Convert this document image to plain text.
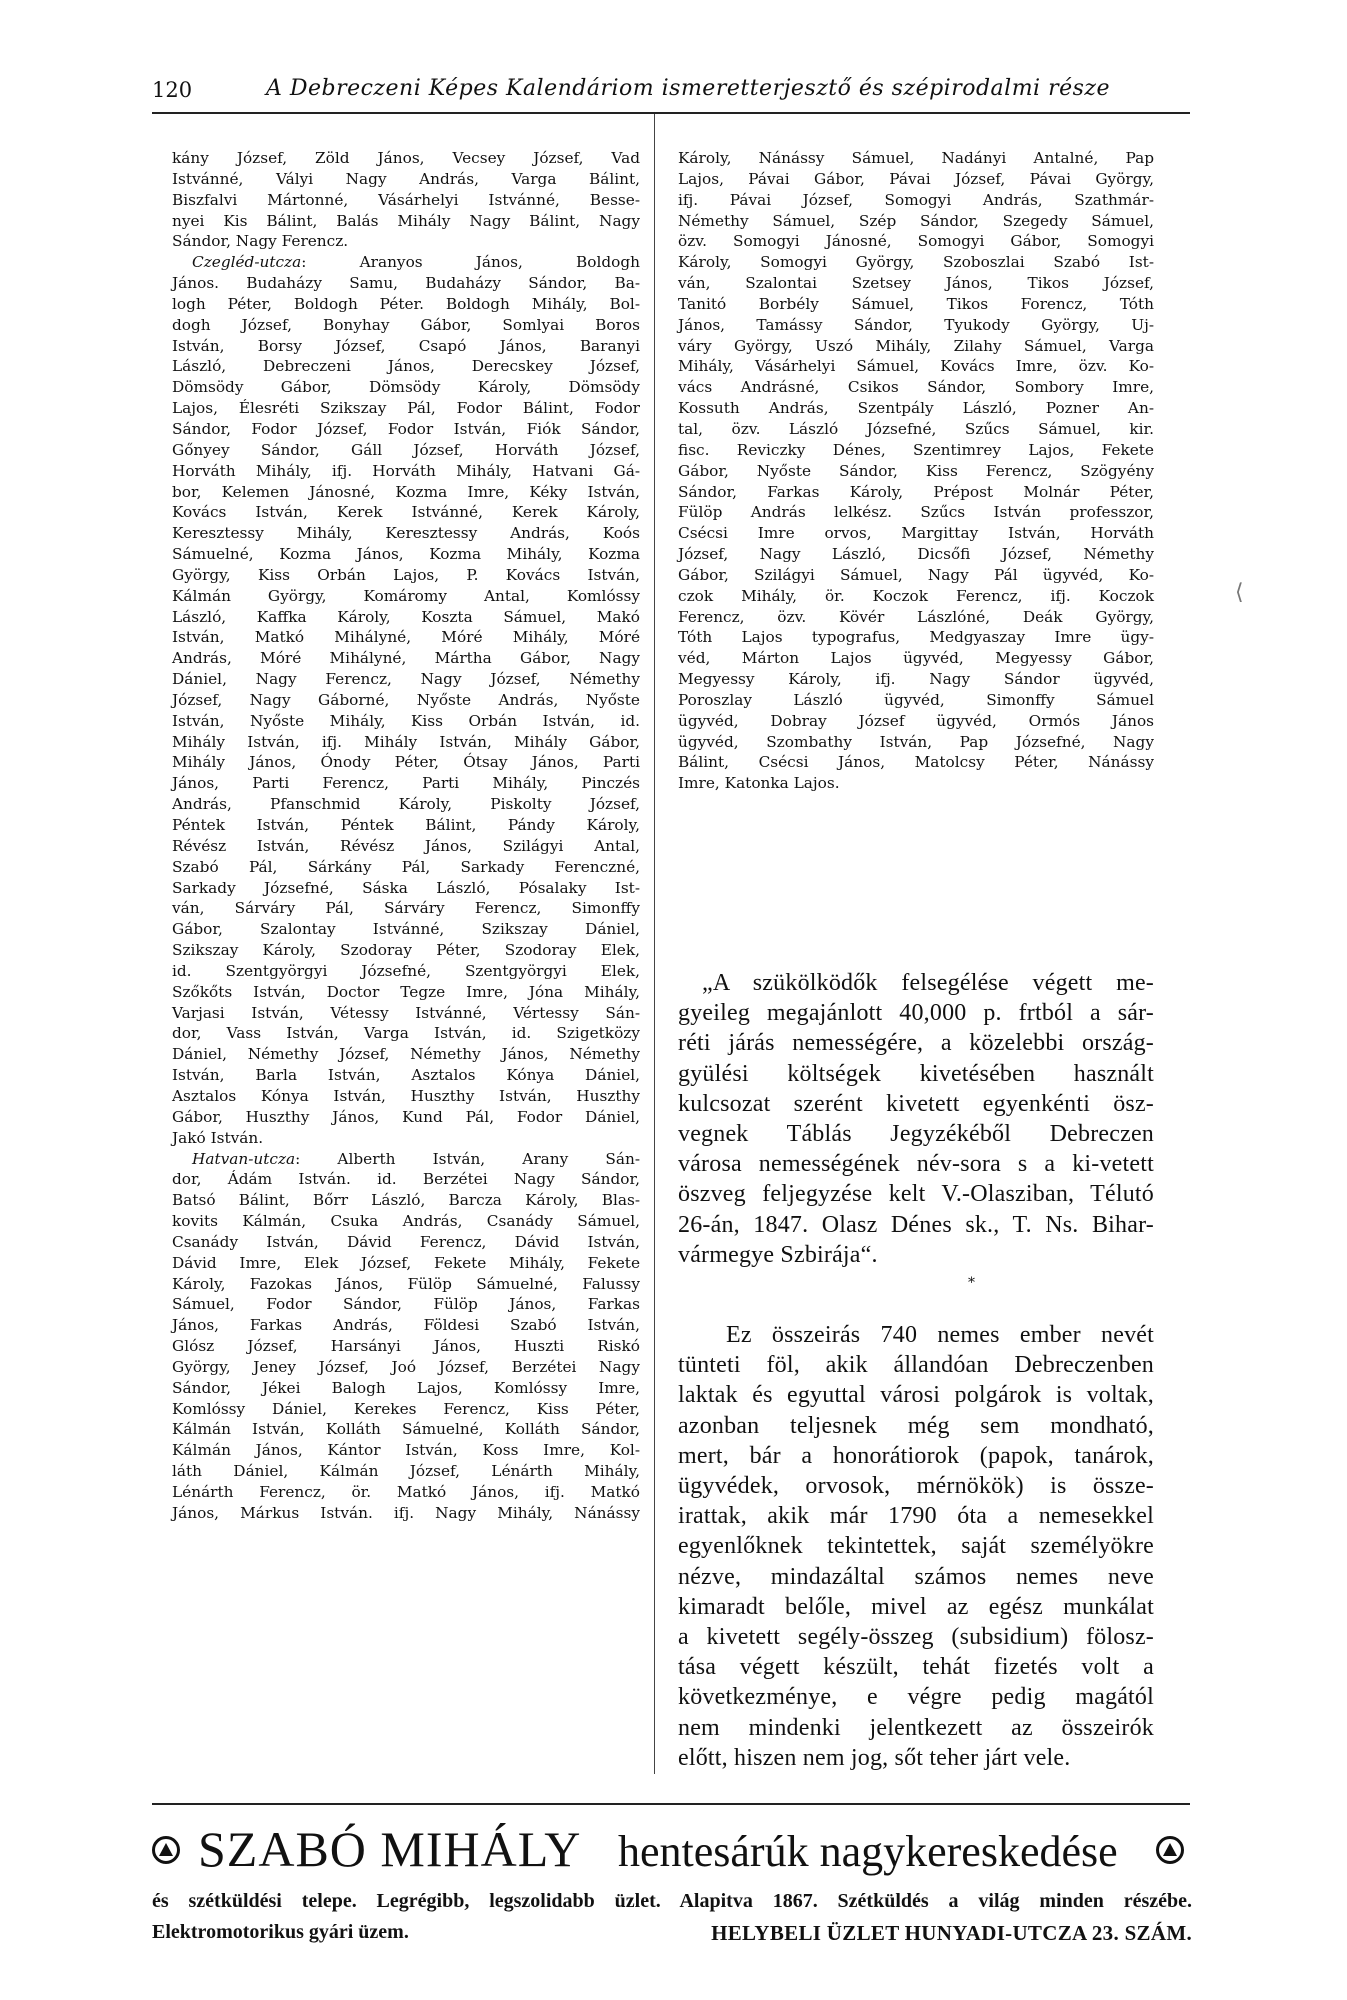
120	A Debreczeni Képes Kalendáriom ismeretterjesztő és szépirodalmi része
kány József, Zöld János, Vecsey József, Vad
Istvánné, Vályi Nagy András, Varga Bálint,
Biszfalvi Mártonné, Vásárhelyi Istvánné, Besse-
nyei Kis Bálint, Balás Mihály Nagy Bálint, Nagy
Sándor, Nagy Ferencz.
Czegléd-utcza: Aranyos János, Boldogh
János. Budaházy Samu, Budaházy Sándor, Ba-
logh Péter, Boldogh Péter. Boldogh Mihály, Bol-
dogh József, Bonyhay Gábor, Somlyai Boros
István, Borsy József, Csapó János, Baranyi
László, Debreczeni János, Derecskey József,
Dömsödy Gábor, Dömsödy Károly, Dömsödy
Lajos, Élesréti Szikszay Pál, Fodor Bálint, Fodor
Sándor, Fodor József, Fodor István, Fiók Sándor,
Gőnyey Sándor, Gáll József, Horváth József,
Horváth Mihály, ifj. Horváth Mihály, Hatvani Gá-
bor, Kelemen Jánosné, Kozma Imre, Kéky István,
Kovács István, Kerek Istvánné, Kerek Károly,
Keresztessy Mihály, Keresztessy András, Koós
Sámuelné, Kozma János, Kozma Mihály, Kozma
György, Kiss Orbán Lajos, P. Kovács István,
Kálmán György, Komáromy Antal, Komlóssy
László, Kaffka Károly, Koszta Sámuel, Makó
István, Matkó Mihályné, Móré Mihály, Móré
András, Móré Mihályné, Mártha Gábor, Nagy
Dániel, Nagy Ferencz, Nagy József, Némethy
József, Nagy Gáborné, Nyőste András, Nyőste
István, Nyőste Mihály, Kiss Orbán István, id.
Mihály István, ifj. Mihály István, Mihály Gábor,
Mihály János, Ónody Péter, Ótsay János, Parti
János, Parti Ferencz, Parti Mihály, Pinczés
András, Pfanschmid Károly, Piskolty József,
Péntek István, Péntek Bálint, Pándy Károly,
Révész István, Révész János, Szilágyi Antal,
Szabó Pál, Sárkány Pál, Sarkady Ferenczné,
Sarkady Józsefné, Sáska László, Pósalaky Ist-
ván, Sárváry Pál, Sárváry Ferencz, Simonffy
Gábor, Szalontay Istvánné, Szikszay Dániel,
Szikszay Károly, Szodoray Péter, Szodoray Elek,
id. Szentgyörgyi Józsefné, Szentgyörgyi Elek,
Szőkőts István, Doctor Tegze Imre, Jóna Mihály,
Varjasi István, Vétessy Istvánné, Vértessy Sán-
dor, Vass István, Varga István, id. Szigetközy
Dániel, Némethy József, Némethy János, Némethy
István, Barla István, Asztalos Kónya Dániel,
Asztalos Kónya István, Huszthy István, Huszthy
Gábor, Huszthy János, Kund Pál, Fodor Dániel,
Jakó István.
Hatvan-utcza: Alberth István, Arany Sán-
dor, Ádám István. id. Berzétei Nagy Sándor,
Batsó Bálint, Bőrr László, Barcza Károly, Blas-
kovits Kálmán, Csuka András, Csanády Sámuel,
Csanády István, Dávid Ferencz, Dávid István,
Dávid Imre, Elek József, Fekete Mihály, Fekete
Károly, Fazokas János, Fülöp Sámuelné, Falussy
Sámuel, Fodor Sándor, Fülöp János, Farkas
János, Farkas András, Földesi Szabó István,
Glósz József, Harsányi János, Huszti Riskó
György, Jeney József, Joó József, Berzétei Nagy
Sándor, Jékei Balogh Lajos, Komlóssy Imre,
Komlóssy Dániel, Kerekes Ferencz, Kiss Péter,
Kálmán István, Kolláth Sámuelné, Kolláth Sándor,
Kálmán János, Kántor István, Koss Imre, Kol-
láth Dániel, Kálmán József, Lénárth Mihály,
Lénárth Ferencz, ör. Matkó János, ifj. Matkó
János, Márkus István. ifj. Nagy Mihály, Nánássy
Károly, Nánássy Sámuel, Nadányi Antalné, Pap
Lajos, Pávai Gábor, Pávai József, Pávai György,
ifj. Pávai József, Somogyi András, Szathmár-
Némethy Sámuel, Szép Sándor, Szegedy Sámuel,
özv. Somogyi Jánosné, Somogyi Gábor, Somogyi
Károly, Somogyi György, Szoboszlai Szabó Ist-
ván, Szalontai Szetsey János, Tikos József,
Tanitó Borbély Sámuel, Tikos Forencz, Tóth
János, Tamássy Sándor, Tyukody György, Uj-
váry György, Uszó Mihály, Zilahy Sámuel, Varga
Mihály, Vásárhelyi Sámuel, Kovács Imre, özv. Ko-
vács Andrásné, Csikos Sándor, Sombory Imre,
Kossuth András, Szentpály László, Pozner An-
tal, özv. László Józsefné, Szűcs Sámuel, kir.
fisc. Reviczky Dénes, Szentimrey Lajos, Fekete
Gábor, Nyőste Sándor, Kiss Ferencz, Szögyény
Sándor, Farkas Károly, Prépost Molnár Péter,
Fülöp András lelkész. Szűcs István professzor,
Csécsi Imre orvos, Margittay István, Horváth
József, Nagy László, Dicsőfi József, Némethy
Gábor, Szilágyi Sámuel, Nagy Pál ügyvéd, Ko-
czok Mihály, ör. Koczok Ferencz, ifj. Koczok
Ferencz, özv. Kövér Lászlóné, Deák György,
Tóth Lajos typografus, Medgyaszay Imre ügy-
véd, Márton Lajos ügyvéd, Megyessy Gábor,
Megyessy Károly, ifj. Nagy Sándor ügyvéd,
Poroszlay László ügyvéd, Simonffy Sámuel
ügyvéd, Dobray József ügyvéd, Ormós János
ügyvéd, Szombathy István, Pap Józsefné, Nagy
Bálint, Csécsi János, Matolcsy Péter, Nánássy
Imre, Katonka Lajos.
„A szükölködők felsegélése végett me-
gyeileg megajánlott 40,000 p. frtból a sár-
réti járás nemességére, a közelebbi ország-
gyülési költségek kivetésében használt
kulcsozat szerént kivetett egyenkénti ösz-
vegnek Táblás Jegyzékéből Debreczen
városa nemességének név-sora s a ki-vetett
öszveg feljegyzése kelt V.-Olasziban, Télutó
26-án, 1847. Olasz Dénes sk., T. Ns. Bihar-
vármegye Szbirája“.
*
Ez összeirás 740 nemes ember nevét
tünteti föl, akik állandóan Debreczenben
laktak és egyuttal városi polgárok is voltak,
azonban teljesnek még sem mondható,
mert, bár a honorátiorok (papok, tanárok,
ügyvédek, orvosok, mérnökök) is össze-
irattak, akik már 1790 óta a nemesekkel
egyenlőknek tekintettek, saját személyökre
nézve, mindazáltal számos nemes neve
kimaradt belőle, mivel az egész munkálat
a kivetett segély-összeg (subsidium) fölosz-
tása végett készült, tehát fizetés volt a
következménye, e végre pedig magától
nem mindenki jelentkezett az összeirók
előtt, hiszen nem jog, sőt teher járt vele.
SZABÓ MIHÁLY hentesárúk nagykereskedése
és szétküldési telepe. Legrégibb, legszolidabb üzlet. Alapitva 1867. Szétküldés a világ minden részébe.
Elektromotorikus gyári üzem.	HELYBELI ÜZLET HUNYADI-UTCZA 23. SZÁM.
⟨
